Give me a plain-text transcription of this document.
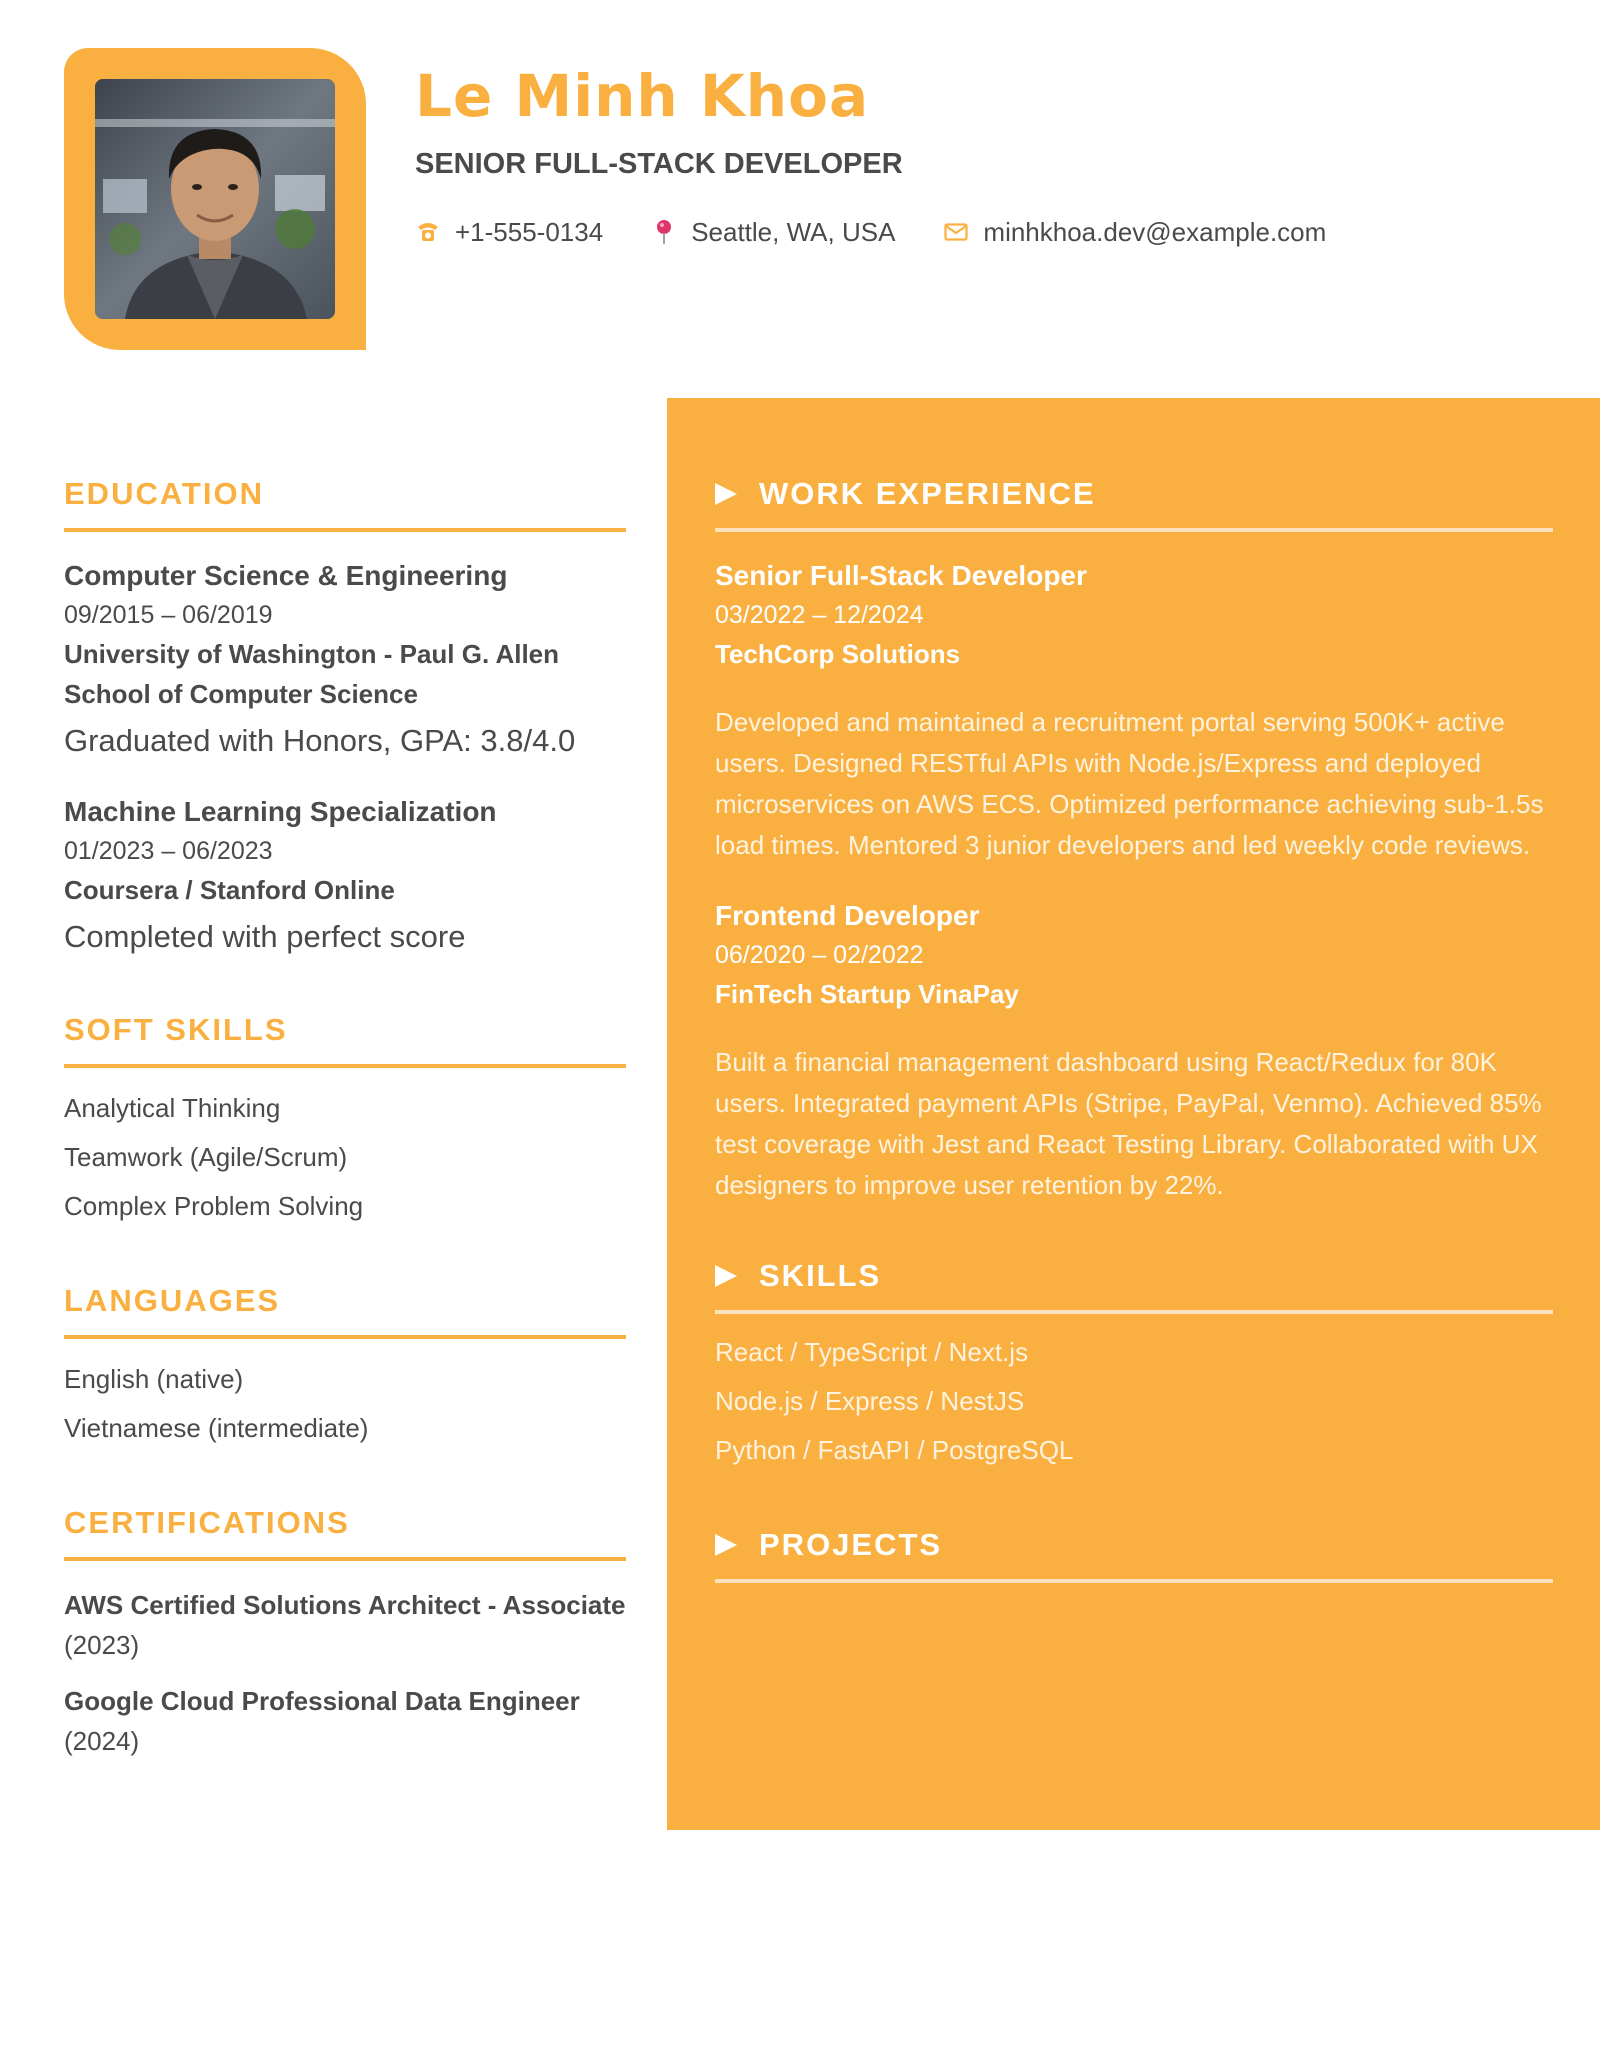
Le Minh Khoa
SENIOR FULL-STACK DEVELOPER
+1-555-0134	Seattle, WA, USA	minhkhoa.dev@example.com
EDUCATION
Computer Science & Engineering
09/2015 – 06/2019
University of Washington - Paul G. Allen School of Computer Science
Graduated with Honors, GPA: 3.8/4.0
Machine Learning Specialization
01/2023 – 06/2023
Coursera / Stanford Online
Completed with perfect score
SOFT SKILLS
Analytical Thinking
Teamwork (Agile/Scrum)
Complex Problem Solving
LANGUAGES
English (native)
Vietnamese (intermediate)
CERTIFICATIONS
AWS Certified Solutions Architect - Associate (2023)
Google Cloud Professional Data Engineer (2024)
WORK EXPERIENCE
Senior Full-Stack Developer
03/2022 – 12/2024
TechCorp Solutions
Developed and maintained a recruitment portal serving 500K+ active users. Designed RESTful APIs with Node.js/Express and deployed microservices on AWS ECS. Optimized performance achieving sub-1.5s load times. Mentored 3 junior developers and led weekly code reviews.
Frontend Developer
06/2020 – 02/2022
FinTech Startup VinaPay
Built a financial management dashboard using React/Redux for 80K users. Integrated payment APIs (Stripe, PayPal, Venmo). Achieved 85% test coverage with Jest and React Testing Library. Collaborated with UX designers to improve user retention by 22%.
SKILLS
React / TypeScript / Next.js
Node.js / Express / NestJS
Python / FastAPI / PostgreSQL
PROJECTS
